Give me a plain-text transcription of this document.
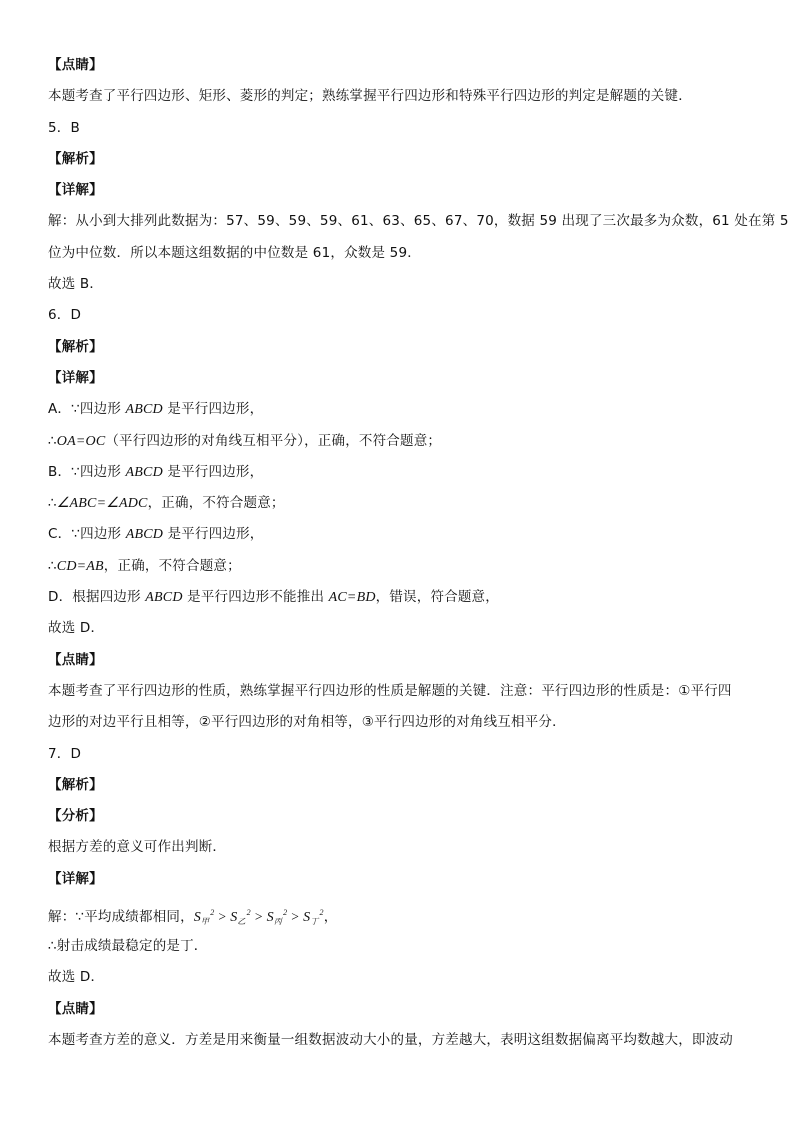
【点睛】
本题考查了平行四边形、矩形、菱形的判定；熟练掌握平行四边形和特殊平行四边形的判定是解题的关键．
5．B
【解析】
【详解】
解：从小到大排列此数据为：57、59、59、59、61、63、65、67、70，数据 59 出现了三次最多为众数，61 处在第 5
位为中位数．所以本题这组数据的中位数是 61，众数是 59．
故选 B．
6．D
【解析】
【详解】
A．∵四边形 ABCD 是平行四边形，
∴OA=OC（平行四边形的对角线互相平分），正确，不符合题意；
B．∵四边形 ABCD 是平行四边形，
∴∠ABC=∠ADC，正确，不符合题意；
C．∵四边形 ABCD 是平行四边形，
∴CD=AB，正确，不符合题意；
D．根据四边形 ABCD 是平行四边形不能推出 AC=BD，错误，符合题意，
故选 D．
【点睛】
本题考查了平行四边形的性质，熟练掌握平行四边形的性质是解题的关键．注意：平行四边形的性质是：①平行四
边形的对边平行且相等，②平行四边形的对角相等，③平行四边形的对角线互相平分．
7．D
【解析】
【分析】
根据方差的意义可作出判断．
【详解】
解：∵平均成绩都相同，$S_甲^2 > S_乙^2 > S_丙^2 > S_丁^2$，
∴射击成绩最稳定的是丁．
故选 D．
【点睛】
本题考查方差的意义．方差是用来衡量一组数据波动大小的量，方差越大，表明这组数据偏离平均数越大，即波动
